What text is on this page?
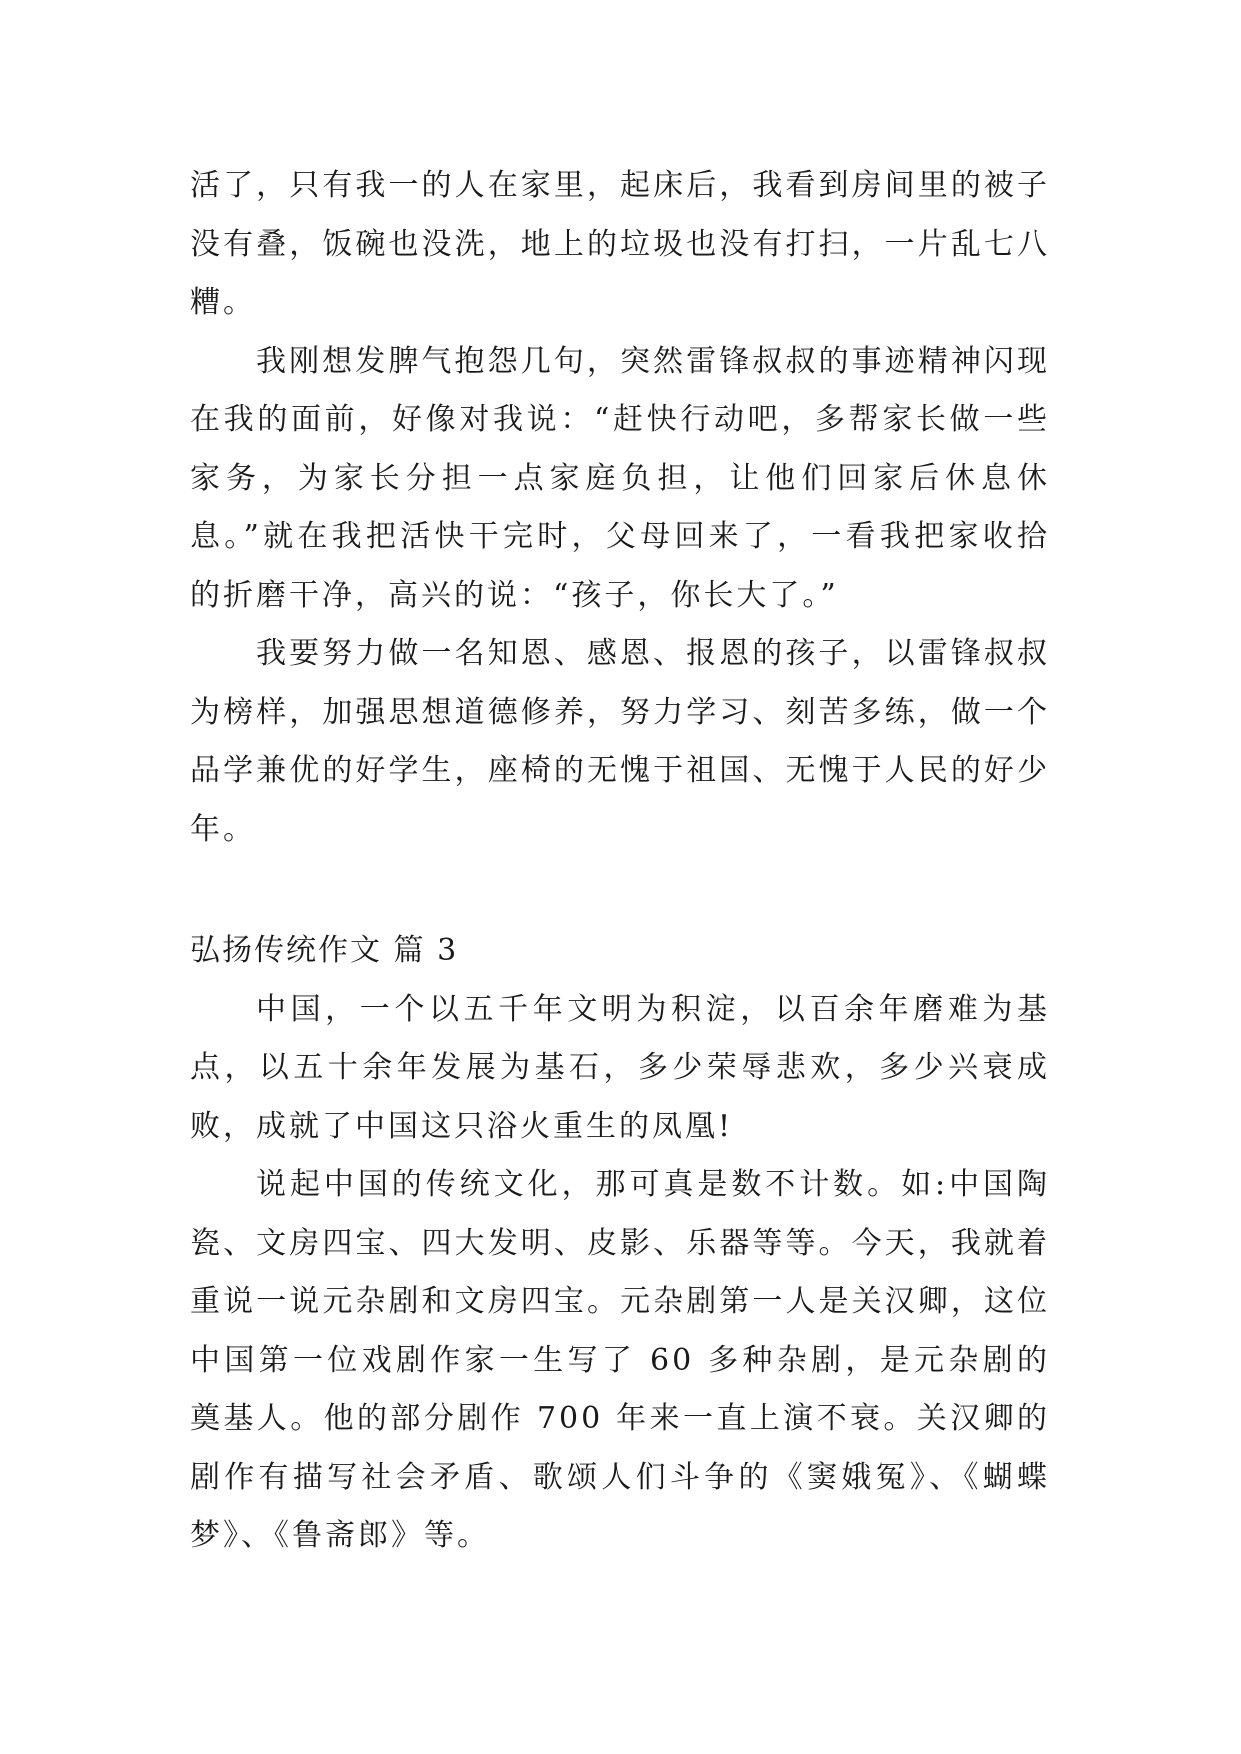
活了，只有我一的人在家里，起床后，我看到房间里的被子没有叠，饭碗也没洗，地上的垃圾也没有打扫，一片乱七八糟。

我刚想发脾气抱怨几句，突然雷锋叔叔的事迹精神闪现在我的面前，好像对我说：“赶快行动吧，多帮家长做一些家务，为家长分担一点家庭负担，让他们回家后休息休息。”就在我把活快干完时，父母回来了，一看我把家收拾的折磨干净，高兴的说：“孩子，你长大了。”

我要努力做一名知恩、感恩、报恩的孩子，以雷锋叔叔为榜样，加强思想道德修养，努力学习、刻苦多练，做一个品学兼优的好学生，座椅的无愧于祖国、无愧于人民的好少年。

弘扬传统作文 篇 3

中国，一个以五千年文明为积淀，以百余年磨难为基点，以五十余年发展为基石，多少荣辱悲欢，多少兴衰成败，成就了中国这只浴火重生的凤凰!

说起中国的传统文化，那可真是数不计数。如:中国陶瓷、文房四宝、四大发明、皮影、乐器等等。今天，我就着重说一说元杂剧和文房四宝。元杂剧第一人是关汉卿，这位中国第一位戏剧作家一生写了 60 多种杂剧，是元杂剧的奠基人。他的部分剧作 700 年来一直上演不衰。关汉卿的剧作有描写社会矛盾、歌颂人们斗争的《窦娥冤》、《蝴蝶梦》、《鲁斋郎》等。
